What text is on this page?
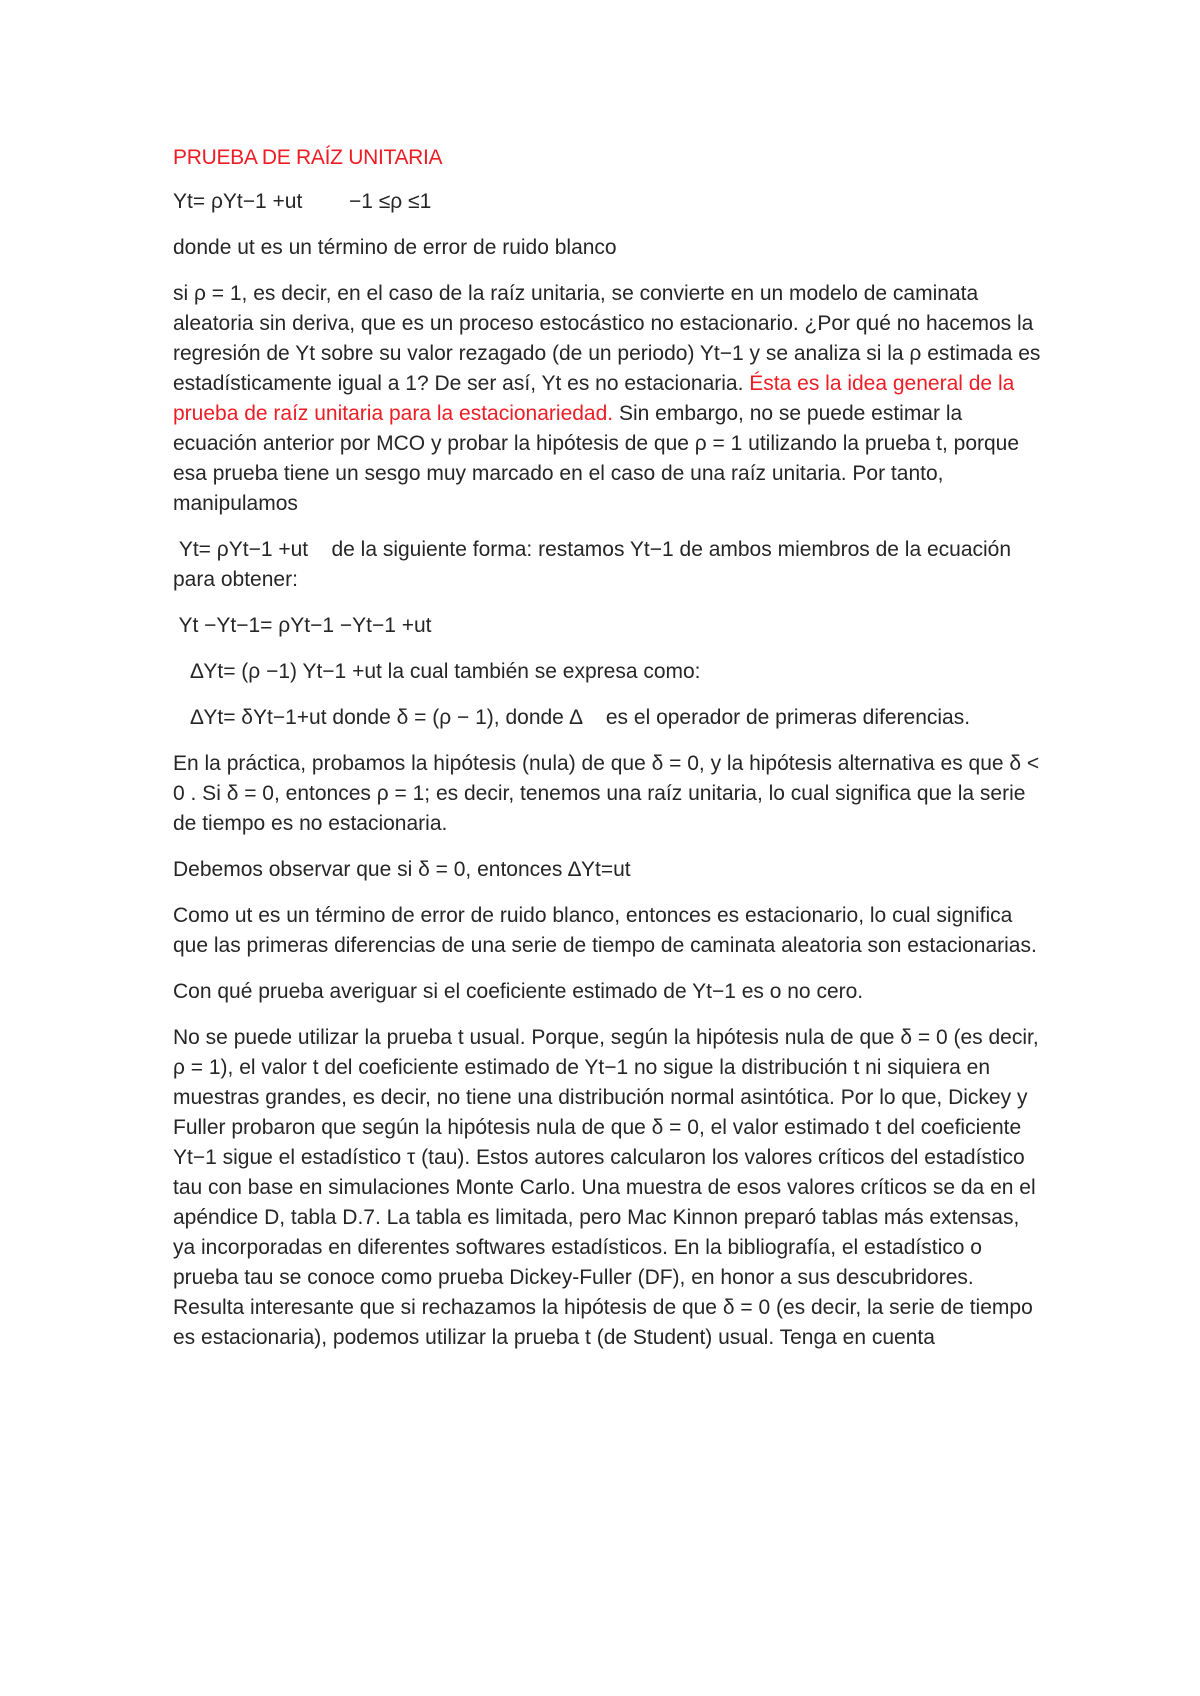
PRUEBA DE RAÍZ UNITARIA

Yt= ρYt−1 +ut        −1 ≤ρ ≤1

donde ut es un término de error de ruido blanco

si ρ = 1, es decir, en el caso de la raíz unitaria, se convierte en un modelo de caminata aleatoria sin deriva, que es un proceso estocástico no estacionario. ¿Por qué no hacemos la regresión de Yt sobre su valor rezagado (de un periodo) Yt−1 y se analiza si la ρ estimada es estadísticamente igual a 1? De ser así, Yt es no estacionaria. Ésta es la idea general de la prueba de raíz unitaria para la estacionariedad. Sin embargo, no se puede estimar la ecuación anterior por MCO y probar la hipótesis de que ρ = 1 utilizando la prueba t, porque esa prueba tiene un sesgo muy marcado en el caso de una raíz unitaria. Por tanto, manipulamos

Yt= ρYt−1 +ut    de la siguiente forma: restamos Yt−1 de ambos miembros de la ecuación para obtener:

Yt −Yt−1= ρYt−1 −Yt−1 +ut

∆Yt= (ρ −1) Yt−1 +ut la cual también se expresa como:

∆Yt= δYt−1+ut donde δ = (ρ − 1), donde ∆    es el operador de primeras diferencias.

En la práctica, probamos la hipótesis (nula) de que δ = 0, y la hipótesis alternativa es que δ < 0 . Si δ = 0, entonces ρ = 1; es decir, tenemos una raíz unitaria, lo cual significa que la serie de tiempo es no estacionaria.

Debemos observar que si δ = 0, entonces ∆Yt=ut

Como ut es un término de error de ruido blanco, entonces es estacionario, lo cual significa que las primeras diferencias de una serie de tiempo de caminata aleatoria son estacionarias.

Con qué prueba averiguar si el coeficiente estimado de Yt−1 es o no cero.

No se puede utilizar la prueba t usual. Porque, según la hipótesis nula de que δ = 0 (es decir, ρ = 1), el valor t del coeficiente estimado de Yt−1 no sigue la distribución t ni siquiera en muestras grandes, es decir, no tiene una distribución normal asintótica. Por lo que, Dickey y Fuller probaron que según la hipótesis nula de que δ = 0, el valor estimado t del coeficiente Yt−1 sigue el estadístico τ (tau). Estos autores calcularon los valores críticos del estadístico tau con base en simulaciones Monte Carlo. Una muestra de esos valores críticos se da en el apéndice D, tabla D.7. La tabla es limitada, pero Mac Kinnon preparó tablas más extensas, ya incorporadas en diferentes softwares estadísticos. En la bibliografía, el estadístico o prueba tau se conoce como prueba Dickey-Fuller (DF), en honor a sus descubridores. Resulta interesante que si rechazamos la hipótesis de que δ = 0 (es decir, la serie de tiempo es estacionaria), podemos utilizar la prueba t (de Student) usual. Tenga en cuenta
